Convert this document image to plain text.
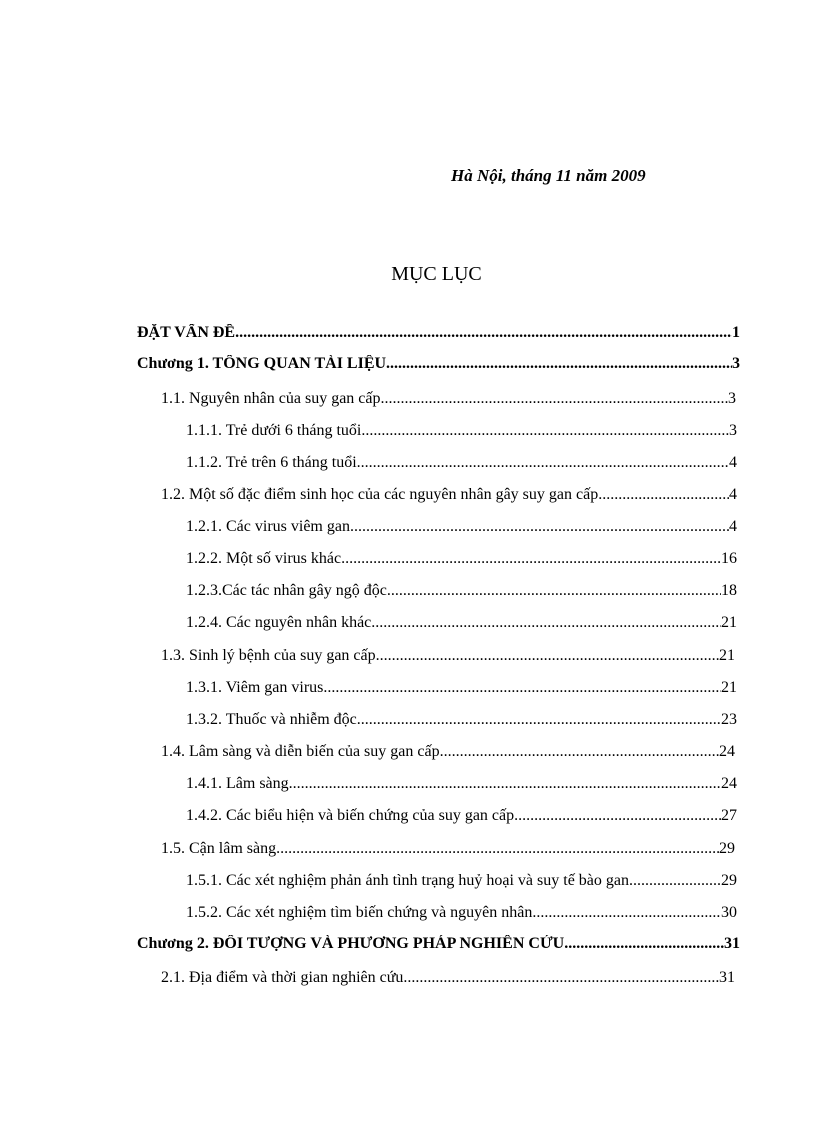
Hà Nội, tháng 11 năm 2009
MỤC LỤC
ĐẶT VẤN ĐỀ .....	1
Chương 1. TỔNG QUAN TÀI LIỆU .....	3
1.1. Nguyên nhân của suy gan cấp .....	3
1.1.1. Trẻ dưới 6 tháng tuổi .....	3
1.1.2. Trẻ trên 6 tháng tuổi .....	4
1.2. Một số đặc điểm sinh học của các nguyên nhân gây suy gan cấp .....	4
1.2.1. Các virus viêm gan .....	4
1.2.2. Một số virus khác .....	16
1.2.3.Các tác nhân gây ngộ độc .....	18
1.2.4. Các nguyên nhân khác .....	21
1.3. Sinh lý bệnh của suy gan cấp .....	21
1.3.1. Viêm gan virus .....	21
1.3.2. Thuốc và nhiễm độc .....	23
1.4. Lâm sàng và diễn biến của suy gan cấp .....	24
1.4.1. Lâm sàng .....	24
1.4.2. Các biểu hiện và biến chứng của suy gan cấp .....	27
1.5. Cận lâm sàng .....	29
1.5.1. Các xét nghiệm phản ánh tình trạng huỷ hoại và suy tế bào gan .....	29
1.5.2. Các xét nghiệm tìm biến chứng và nguyên nhân .....	30
Chương 2. ĐỐI TƯỢNG VÀ PHƯƠNG PHÁP NGHIÊN CỨU .....	31
2.1. Địa điểm và thời gian nghiên cứu .....	31
